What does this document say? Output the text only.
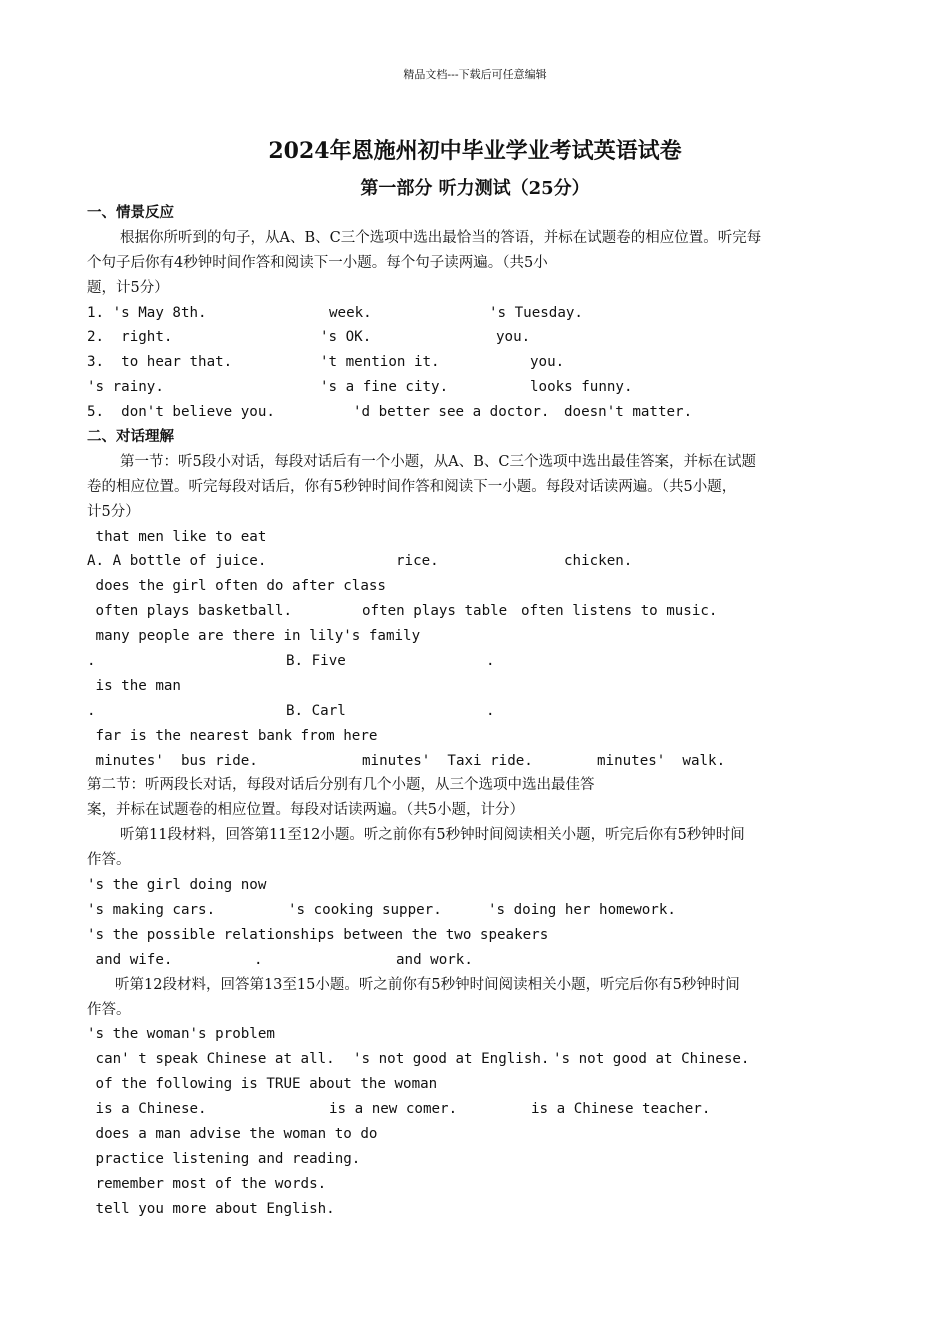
精品文档---下载后可任意编辑
2024年恩施州初中毕业学业考试英语试卷
第一部分 听力测试（25分）
一、情景反应
根据你所听到的句子，从A、B、C三个选项中选出最恰当的答语，并标在试题卷的相应位置。听完每
个句子后你有4秒钟时间作答和阅读下一小题。每个句子读两遍。（共5小
题，计5分）
1. 's May 8th.	week.	's Tuesday.
2.  right.	's OK.	you.
3.  to hear that.	't mention it.	you.
's rainy.	's a fine city.	looks funny.
5.  don't believe you.	'd better see a doctor. doesn't matter.
二、对话理解
第一节：听5段小对话，每段对话后有一个小题，从A、B、C三个选项中选出最佳答案，并标在试题
卷的相应位置。听完每段对话后，你有5秒钟时间作答和阅读下一小题。每段对话读两遍。（共5小题，
计5分）
that men like to eat
A. A bottle of juice.	rice.	chicken.
does the girl often do after class
often plays basketball.	often plays table often listens to music.
many people are there in lily's family
.	B. Five	.
is the man
.	B. Carl	.
far is the nearest bank from here
minutes'  bus ride.	minutes'  Taxi ride.	minutes'  walk.
第二节：听两段长对话，每段对话后分别有几个小题，从三个选项中选出最佳答
案，并标在试题卷的相应位置。每段对话读两遍。（共5小题，计分）
听第11段材料，回答第11至12小题。听之前你有5秒钟时间阅读相关小题，听完后你有5秒钟时间
作答。
's the girl doing now
's making cars.	's cooking supper.	's doing her homework.
's the possible relationships between the two speakers
and wife.	.	and work.
听第12段材料，回答第13至15小题。听之前你有5秒钟时间阅读相关小题，听完后你有5秒钟时间
作答。
's the woman's problem
can' t speak Chinese at all. 's not good at English. 's not good at Chinese.
of the following is TRUE about the woman
is a Chinese.	is a new comer.	is a Chinese teacher.
does a man advise the woman to do
practice listening and reading.
remember most of the words.
tell you more about English.
